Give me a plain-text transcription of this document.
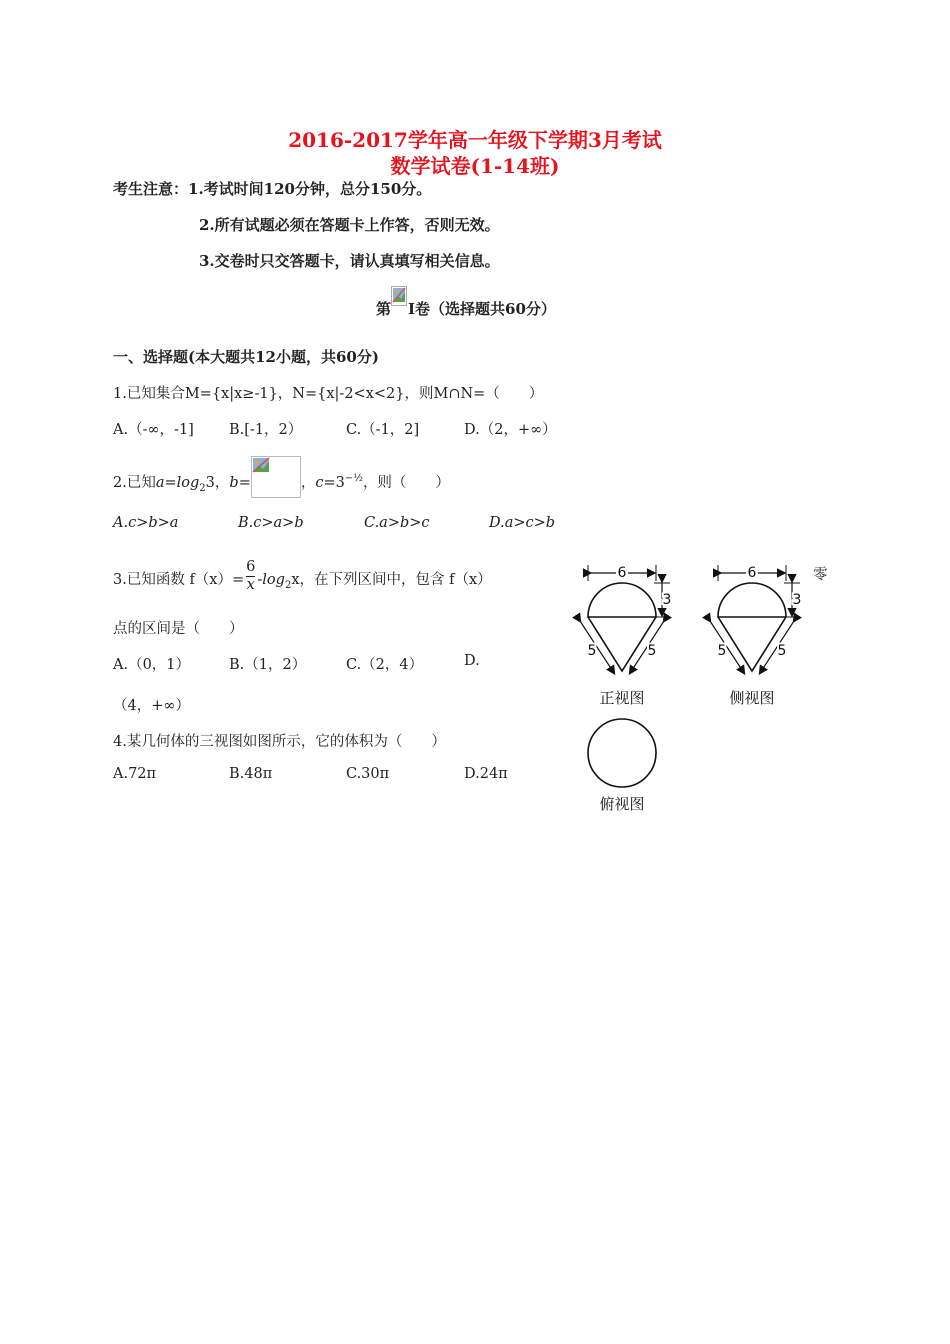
2016-2017学年高一年级下学期3月考试
数学试卷(1-14班)
考生注意：1.考试时间120分钟，总分150分。
2.所有试题必须在答题卡上作答，否则无效。
3.交卷时只交答题卡，请认真填写相关信息。
第 I卷（选择题共60分）
一、选择题(本大题共12小题，共60分)
1.已知集合M={x|x≥-1}，N={x|-2<x<2}，则M∩N=（　　）
A.（-∞，-1] B.[-1，2）	C.（-1，2]	D.（2，+∞）
2.已知$a=\log_23$，b=	，$c=3^{-\frac{1}{2}}$，则（　　）
A.c>b>a	B.c>a>b	C.a>b>c	D.a>c>b
3.已知函数 $f(x)= \frac{6}{x} -\log_2x$，在下列区间中，包含 f（x）	零
点的区间是（　　）
A.（0，1）	B.（1，2）	C.（2，4）	D.
（4，+∞）
4.某几何体的三视图如图所示，它的体积为（　　）
A.72π	B.48π	C.30π	D.24π
6
3
5	5
正视图
6
3
5	5
侧视图
俯视图
